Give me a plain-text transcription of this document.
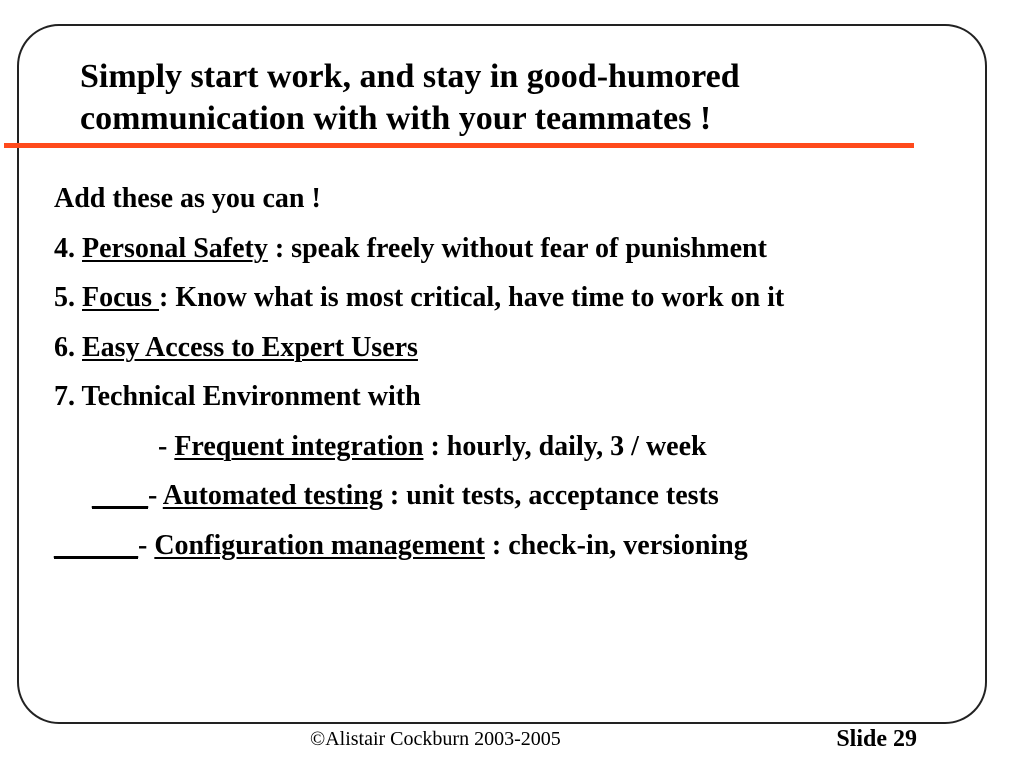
Simply start work, and stay in good-humored
communication with with your teammates !
Add these as you can !
4. Personal Safety : speak freely without fear of punishment
5. Focus : Know what is most critical, have time to work on it
6. Easy Access to Expert Users
7. Technical Environment with
- Frequent integration : hourly, daily, 3 / week
____- Automated testing : unit tests, acceptance tests
______- Configuration management : check-in, versioning
©Alistair Cockburn 2003-2005	Slide 29
